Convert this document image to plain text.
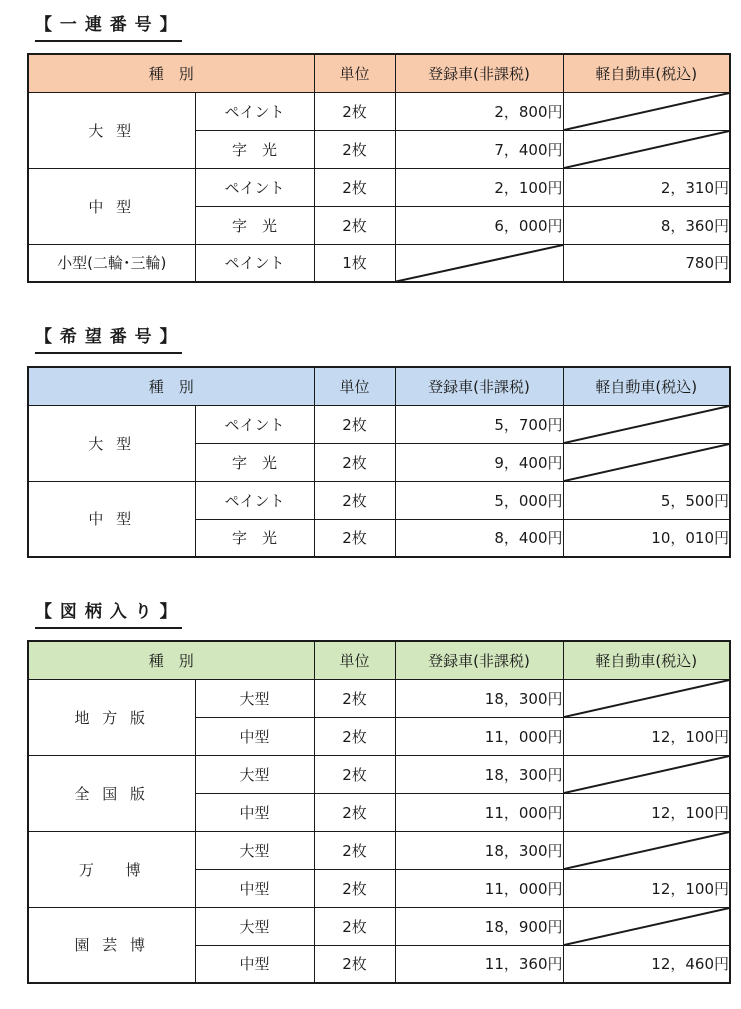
【 一 連 番 号 】
種　別		単位	登録車(非課税)	軽自動車(税込)
大 型	ペイント	2枚	2，800円	

	字　光	2枚	7，400円	

中 型	ペイント	2枚	2，100円	2，310円
	字　光	2枚	6，000円	8，360円
小型(二輪･三輪)	ペイント	1枚		780円
【 希 望 番 号 】
種　別		単位	登録車(非課税)	軽自動車(税込)
大 型	ペイント	2枚	5，700円	

	字　光	2枚	9，400円	

中 型	ペイント	2枚	5，000円	5，500円
	字　光	2枚	8，400円	10，010円
【 図 柄 入 り 】
種　別		単位	登録車(非課税)	軽自動車(税込)
地 方 版	大型	2枚	18，300円	

	中型	2枚	11，000円	12，100円
全 国 版	大型	2枚	18，300円	

	中型	2枚	11，000円	12，100円
万　 博	大型	2枚	18，300円	

	中型	2枚	11，000円	12，100円
園 芸 博	大型	2枚	18，900円	

	中型	2枚	11，360円	12，460円
